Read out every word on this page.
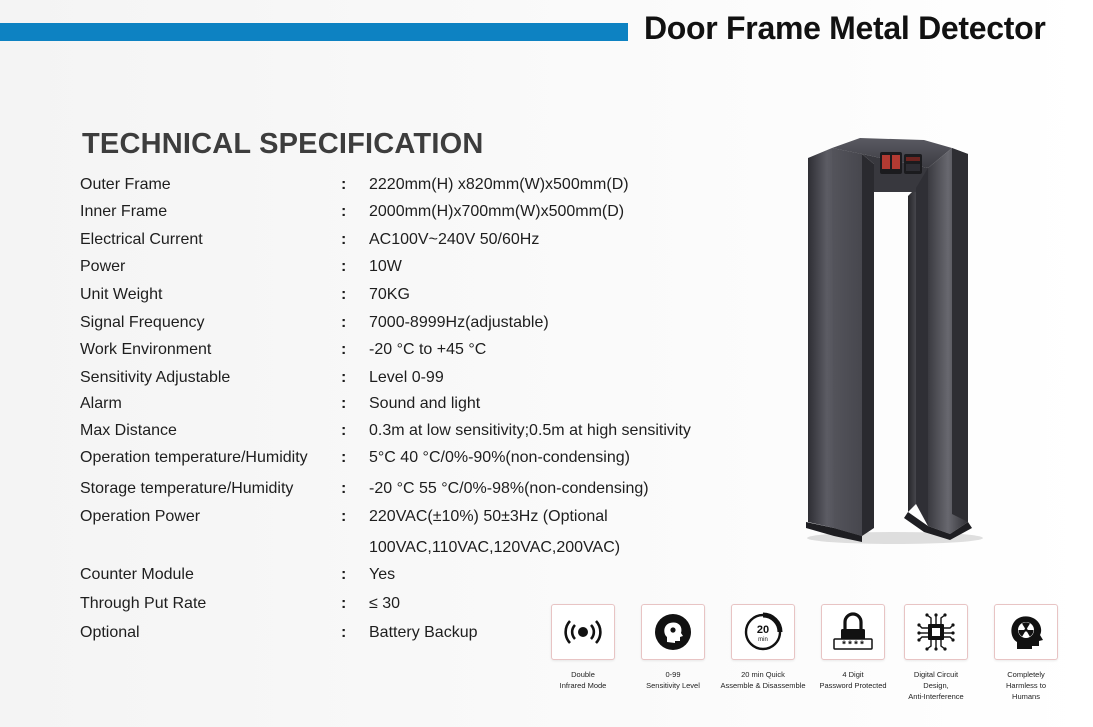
Door Frame Metal Detector
TECHNICAL SPECIFICATION
Outer Frame	: 2220mm(H) x820mm(W)x500mm(D)
Inner Frame	: 2000mm(H)x700mm(W)x500mm(D)
Electrical Current	: AC100V~240V 50/60Hz
Power	: 10W
Unit Weight	: 70KG
Signal Frequency	: 7000-8999Hz(adjustable)
Work Environment	: -20 °C to +45 °C
Sensitivity Adjustable	: Level 0-99
Alarm	: Sound and light
Max Distance	: 0.3m at low sensitivity;0.5m at high sensitivity
Operation temperature/Humidity : 5°C 40 °C/0%-90%(non-condensing)
Storage temperature/Humidity	: -20 °C 55 °C/0%-98%(non-condensing)
Operation Power	: 220VAC(±10%) 50±3Hz (Optional
100VAC,110VAC,120VAC,200VAC)
Counter Module	: Yes
Through Put Rate	: ≤ 30
Optional	: Battery Backup
Double
Infrared Mode
0-99
Sensitivity Level
20
min
20 min Quick
Assemble & Disassemble
****
4 Digit
Password Protected
Digital Circuit
Design,
Anti-Interference
Completely
Harmless to
Humans
